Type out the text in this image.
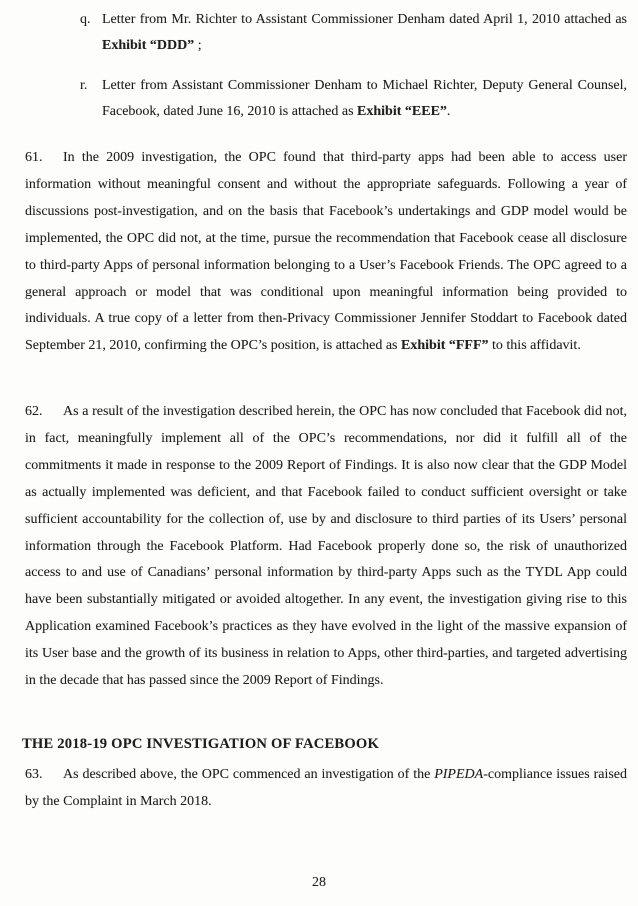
q. Letter from Mr. Richter to Assistant Commissioner Denham dated April 1, 2010 attached as Exhibit “DDD” ;
r. Letter from Assistant Commissioner Denham to Michael Richter, Deputy General Counsel, Facebook, dated June 16, 2010 is attached as Exhibit “EEE”.
61. In the 2009 investigation, the OPC found that third-party apps had been able to access user information without meaningful consent and without the appropriate safeguards. Following a year of discussions post-investigation, and on the basis that Facebook’s undertakings and GDP model would be implemented, the OPC did not, at the time, pursue the recommendation that Facebook cease all disclosure to third-party Apps of personal information belonging to a User’s Facebook Friends. The OPC agreed to a general approach or model that was conditional upon meaningful information being provided to individuals. A true copy of a letter from then-Privacy Commissioner Jennifer Stoddart to Facebook dated September 21, 2010, confirming the OPC’s position, is attached as Exhibit “FFF” to this affidavit.
62. As a result of the investigation described herein, the OPC has now concluded that Facebook did not, in fact, meaningfully implement all of the OPC’s recommendations, nor did it fulfill all of the commitments it made in response to the 2009 Report of Findings. It is also now clear that the GDP Model as actually implemented was deficient, and that Facebook failed to conduct sufficient oversight or take sufficient accountability for the collection of, use by and disclosure to third parties of its Users’ personal information through the Facebook Platform. Had Facebook properly done so, the risk of unauthorized access to and use of Canadians’ personal information by third-party Apps such as the TYDL App could have been substantially mitigated or avoided altogether. In any event, the investigation giving rise to this Application examined Facebook’s practices as they have evolved in the light of the massive expansion of its User base and the growth of its business in relation to Apps, other third-parties, and targeted advertising in the decade that has passed since the 2009 Report of Findings.
THE 2018-19 OPC INVESTIGATION OF FACEBOOK
63. As described above, the OPC commenced an investigation of the PIPEDA-compliance issues raised by the Complaint in March 2018.
28
